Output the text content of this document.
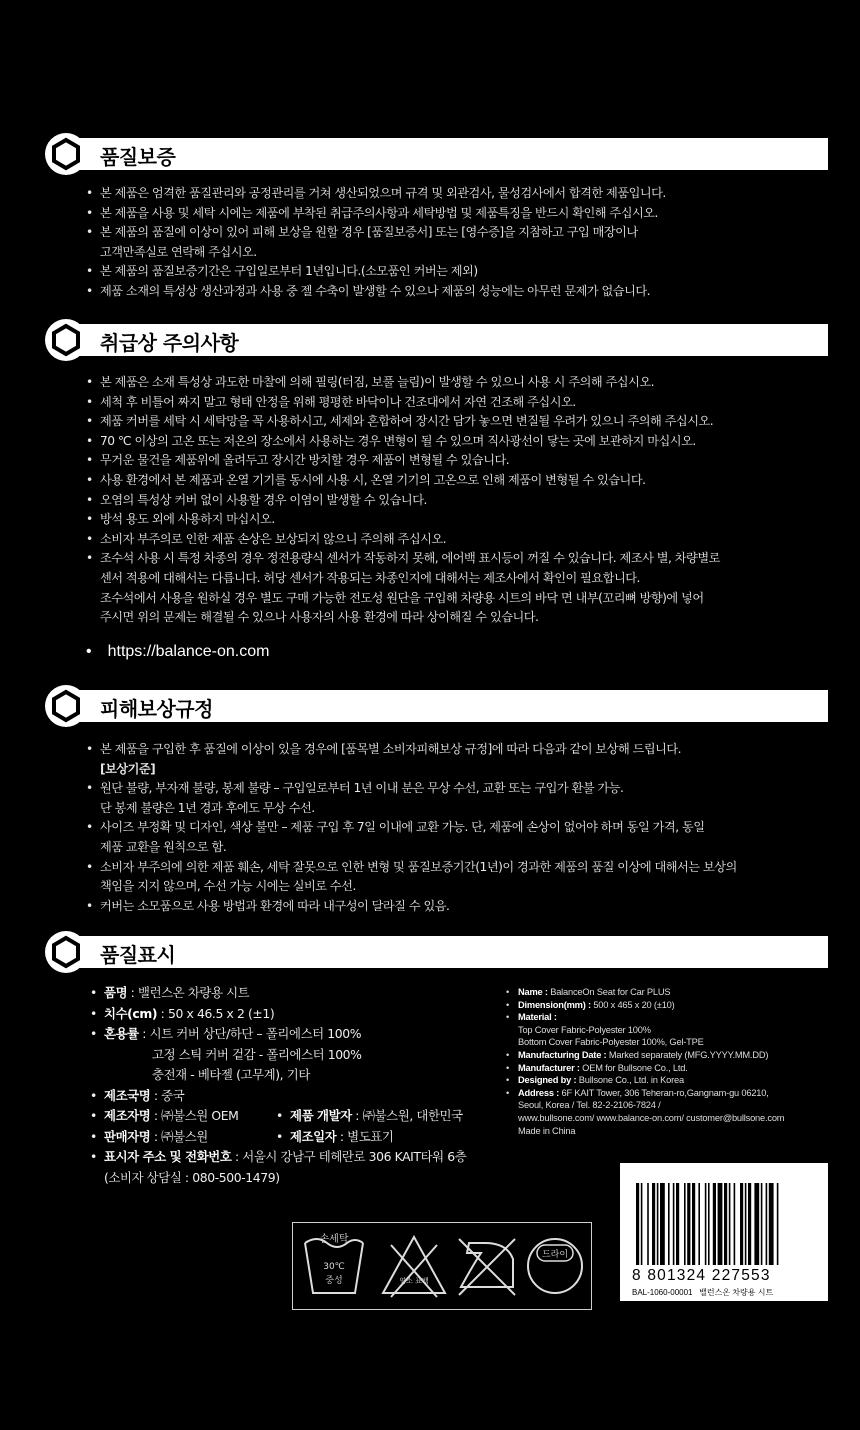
품질보증
• 본 제품은 엄격한 품질관리와 공정관리를 거쳐 생산되었으며 규격 및 외관검사, 물성검사에서 합격한 제품입니다.
• 본 제품을 사용 및 세탁 시에는 제품에 부착된 취급주의사항과 세탁방법 및 제품특징을 반드시 확인해 주십시오.
• 본 제품의 품질에 이상이 있어 피해 보상을 원할 경우 [품질보증서] 또는 [영수증]을 지참하고 구입 매장이나
고객만족실로 연락해 주십시오.
• 본 제품의 품질보증기간은 구입일로부터 1년입니다.(소모품인 커버는 제외)
• 제품 소재의 특성상 생산과정과 사용 중 젤 수축이 발생할 수 있으나 제품의 성능에는 아무런 문제가 없습니다.
취급상 주의사항
• 본 제품은 소재 특성상 과도한 마찰에 의해 필링(터짐, 보풀 늘림)이 발생할 수 있으니 사용 시 주의해 주십시오.
• 세척 후 비틀어 짜지 말고 형태 안정을 위해 평평한 바닥이나 건조대에서 자연 건조해 주십시오.
• 제품 커버를 세탁 시 세탁망을 꼭 사용하시고, 세제와 혼합하여 장시간 담가 놓으면 변질될 우려가 있으니 주의해 주십시오.
• 70 ℃ 이상의 고온 또는 저온의 장소에서 사용하는 경우 변형이 될 수 있으며 직사광선이 닿는 곳에 보관하지 마십시오.
• 무거운 물건을 제품위에 올려두고 장시간 방치할 경우 제품이 변형될 수 있습니다.
• 사용 환경에서 본 제품과 온열 기기를 동시에 사용 시, 온열 기기의 고온으로 인해 제품이 변형될 수 있습니다.
• 오염의 특성상 커버 없이 사용할 경우 이염이 발생할 수 있습니다.
• 방석 용도 외에 사용하지 마십시오.
• 소비자 부주의로 인한 제품 손상은 보상되지 않으니 주의해 주십시오.
• 조수석 사용 시 특정 차종의 경우 정전용량식 센서가 작동하지 못해, 에어백 표시등이 꺼질 수 있습니다. 제조사 별, 차량별로
센서 적용에 대해서는 다릅니다. 허당 센서가 작용되는 차종인지에 대해서는 제조사에서 확인이 필요합니다.
조수석에서 사용을 원하실 경우 별도 구매 가능한 전도성 원단을 구입해 차량용 시트의 바닥 면 내부(꼬리뼈 방향)에 넣어
주시면 위의 문제는 해결될 수 있으나 사용자의 사용 환경에 따라 상이해질 수 있습니다.
• https://balance-on.com
피해보상규정
• 본 제품을 구입한 후 품질에 이상이 있을 경우에 [품목별 소비자피해보상 규정]에 따라 다음과 같이 보상해 드립니다.
[보상기준]
• 원단 불량, 부자재 불량, 봉제 불량 – 구입일로부터 1년 이내 분은 무상 수선, 교환 또는 구입가 환불 가능.
단 봉제 불량은 1년 경과 후에도 무상 수선.
• 사이즈 부정확 및 디자인, 색상 불만 – 제품 구입 후 7일 이내에 교환 가능. 단, 제품에 손상이 없어야 하며 동일 가격, 동일
제품 교환을 원칙으로 함.
• 소비자 부주의에 의한 제품 훼손, 세탁 잘못으로 인한 변형 및 품질보증기간(1년)이 경과한 제품의 품질 이상에 대해서는 보상의
책임을 지지 않으며, 수선 가능 시에는 실비로 수선.
• 커버는 소모품으로 사용 방법과 환경에 따라 내구성이 달라질 수 있음.
품질표시
• 품명 : 밸런스온 차량용 시트
• 치수(cm) : 50 x 46.5 x 2 (±1)
• 혼용률 : 시트 커버 상단/하단 – 폴리에스터 100%
고정 스틱 커버 겉감 - 폴리에스터 100%
충전재 - 베타젤 (고무계), 기타
• 제조국명 : 중국
• 제조자명 : ㈜불스원 OEM	• 제품 개발자 : ㈜불스원, 대한민국
• 판매자명 : ㈜불스원	• 제조일자 : 별도표기
• 표시자 주소 및 전화번호 : 서울시 강남구 테헤란로 306 KAIT타워 6층
(소비자 상담실 : 080-500-1479)
• Name : BalanceOn Seat for Car PLUS
• Dimension(mm) : 500 x 465 x 20 (±10)
• Material :
Top Cover Fabric-Polyester 100%
Bottom Cover Fabric-Polyester 100%, Gel-TPE
• Manufacturing Date : Marked separately (MFG.YYYY.MM.DD)
• Manufacturer : OEM for Bullsone Co., Ltd.
• Designed by : Bullsone Co., Ltd. in Korea
• Address : 6F KAIT Tower, 306 Teheran-ro,Gangnam-gu 06210,
Seoul, Korea / Tel. 82-2-2106-7824 /
www.bullsone.com/ www.balance-on.com/ customer@bullsone.com
Made in China
손세탁
30℃
중성	염소 표백
드라이
8 801324 227553
BAL-1060-00001 밸런스온 차량용 시트
